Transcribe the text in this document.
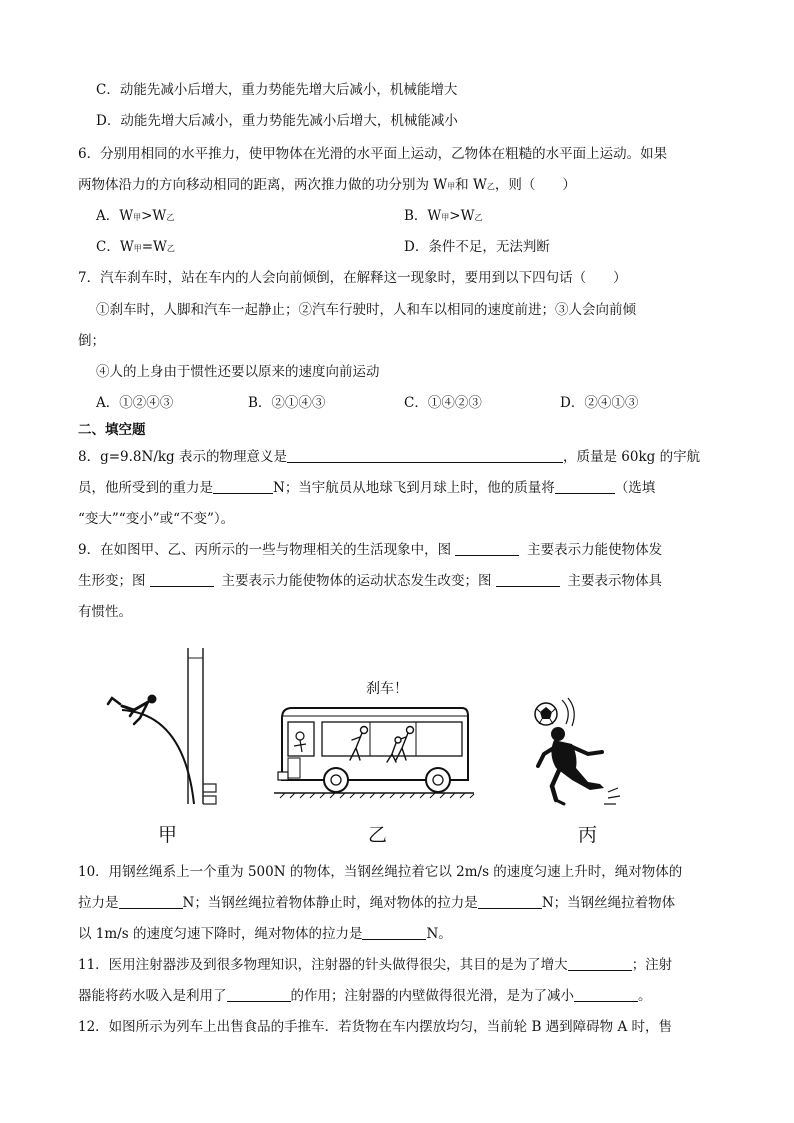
C．动能先减小后增大，重力势能先增大后减小，机械能增大
D．动能先增大后减小，重力势能先减小后增大，机械能减小
6．分别用相同的水平推力，使甲物体在光滑的水平面上运动，乙物体在粗糙的水平面上运动。如果
两物体沿力的方向移动相同的距离，两次推力做的功分别为 W甲和 W乙，则（　　）
A．W甲>W乙	B．W甲>W乙
C．W甲=W乙	D．条件不足，无法判断
7．汽车刹车时，站在车内的人会向前倾倒，在解释这一现象时，要用到以下四句话（　　）
①刹车时，人脚和汽车一起静止；②汽车行驶时，人和车以相同的速度前进；③人会向前倾
倒；
④人的上身由于惯性还要以原来的速度向前运动
A．①②④③	B．②①④③	C．①④②③	D．②④①③
二、填空题
8．g=9.8N/kg 表示的物理意义是	，质量是 60kg 的宇航
员，他所受到的重力是	N；当宇航员从地球飞到月球上时，他的质量将	（选填
“变大”“变小”或“不变”）。
9．在如图甲、乙、丙所示的一些与物理相关的生活现象中，图	主要表示力能使物体发
生形变；图	主要表示力能使物体的运动状态发生改变；图	主要表示物体具
有惯性。
刹车！
甲	乙	丙
10．用钢丝绳系上一个重为 500N 的物体，当钢丝绳拉着它以 2m/s 的速度匀速上升时，绳对物体的
拉力是	N；当钢丝绳拉着物体静止时，绳对物体的拉力是	N；当钢丝绳拉着物体
以 1m/s 的速度匀速下降时，绳对物体的拉力是	N。
11．医用注射器涉及到很多物理知识，注射器的针头做得很尖，其目的是为了增大	；注射
器能将药水吸入是利用了	的作用；注射器的内壁做得很光滑，是为了减小	。
12．如图所示为列车上出售食品的手推车．若货物在车内摆放均匀，当前轮 B 遇到障碍物 A 时，售
